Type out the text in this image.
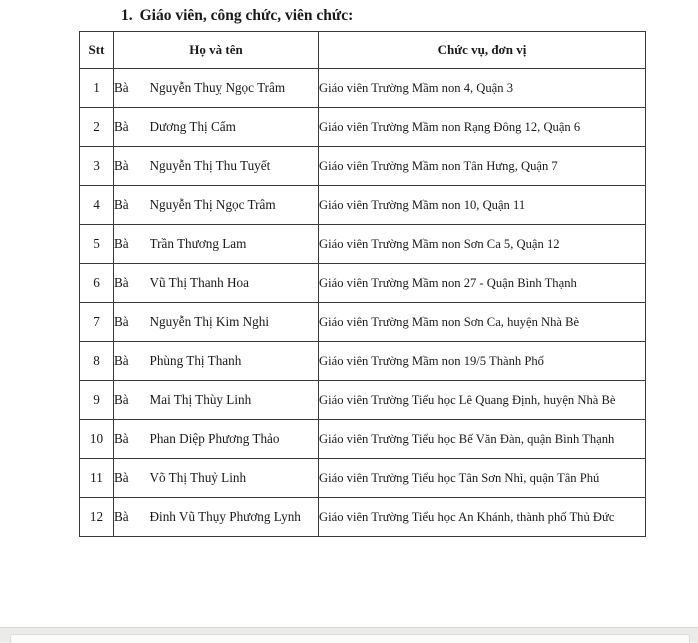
1. Giáo viên, công chức, viên chức:
Stt	Họ và tên		Chức vụ, đơn vị
1	Bà	Nguyễn Thuỵ Ngọc Trâm	Giáo viên Trường Mầm non 4, Quận 3
2	Bà	Dương Thị Cẩm	Giáo viên Trường Mầm non Rạng Đông 12, Quận 6
3	Bà	Nguyễn Thị Thu Tuyết	Giáo viên Trường Mầm non Tân Hưng, Quận 7
4	Bà	Nguyễn Thị Ngọc Trâm	Giáo viên Trường Mầm non 10, Quận 11
5	Bà	Trần Thương Lam	Giáo viên Trường Mầm non Sơn Ca 5, Quận 12
6	Bà	Vũ Thị Thanh Hoa	Giáo viên Trường Mầm non 27 - Quận Bình Thạnh
7	Bà	Nguyễn Thị Kim Nghi	Giáo viên Trường Mầm non Sơn Ca, huyện Nhà Bè
8	Bà	Phùng Thị Thanh	Giáo viên Trường Mầm non 19/5 Thành Phố
9	Bà	Mai Thị Thùy Linh	Giáo viên Trường Tiểu học Lê Quang Định, huyện Nhà Bè
10	Bà	Phan Diệp Phương Thảo	Giáo viên Trường Tiểu học Bế Văn Đàn, quận Bình Thạnh
11	Bà	Võ Thị Thuỷ Linh	Giáo viên Trường Tiểu học Tân Sơn Nhì, quận Tân Phú
12	Bà	Đinh Vũ Thụy Phương Lynh	Giáo viên Trường Tiểu học An Khánh, thành phố Thủ Đức
